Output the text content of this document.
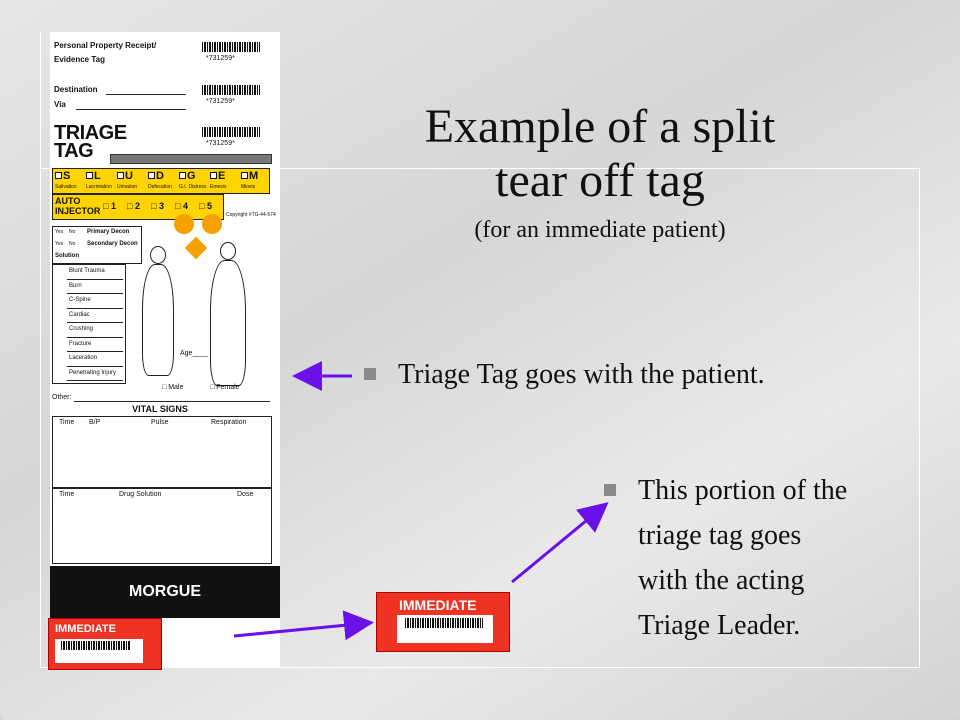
Personal Property Receipt/
Evidence Tag	*731259*
Destination
Via	*731259*
TRIAGE
TAG	*731259*
S
Salivation
L
Lacrimation
U
Urination
D
Defecation
G
G.I. Distress
E
Emesis
M
Miosis
AUTO
INJECTOR □ 1 □ 2 □ 3 □ 4 □ 5
Copyright #TG-44-574
Yes No Primary Decon
Yes No Secondary Decon
Solution
Blunt Trauma
Burn
C-Spine
Cardiac
Crushing
Fracture
Laceration
Penetrating Injury
Age____
□ Male	□ Female
Other:
VITAL SIGNS
Time B/P	Pulse	Respiration
Time	Drug Solution	Dose
MORGUE
IMMEDIATE
*731259*
Example of a split
tear off tag
(for an immediate patient)
Triage Tag goes with the patient.
This portion of the
triage tag goes
with the acting
Triage Leader.
IMMEDIATE
*731259*
